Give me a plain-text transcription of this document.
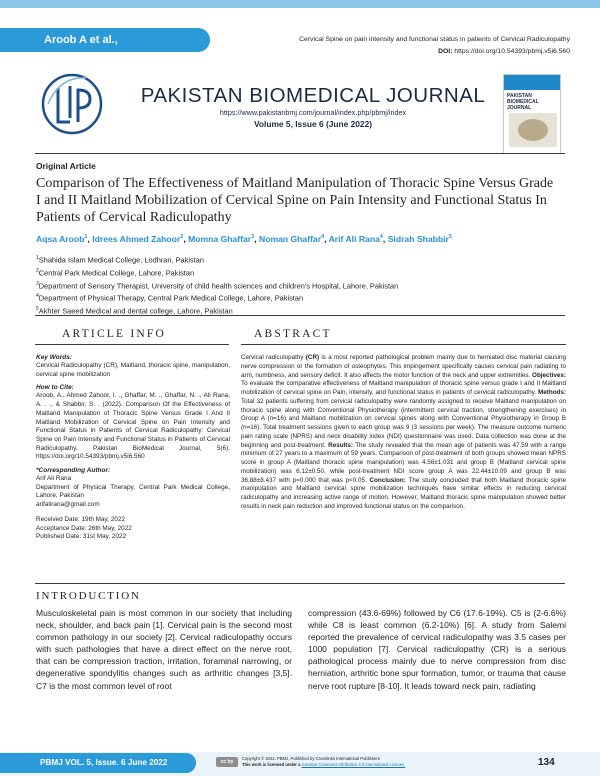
Aroob A et al.,	Cervical Spine on pain intensity and functional status in patients of Cervical Radiculopathy
DOI: https://doi.org/10.54393/pbmj.v5i6.560
PAKISTAN BIOMEDICAL JOURNAL
https://www.pakistanbmj.com/journal/index.php/pbmj/index
Volume 5, Issue 6 (June 2022)
PAKISTAN BIOMEDICAL JOURNAL
Original Article
Comparison of The Effectiveness of Maitland Manipulation of Thoracic Spine Versus Grade I and II Maitland Mobilization of Cervical Spine on Pain Intensity and Functional Status In Patients of Cervical Radiculopathy
Aqsa Aroob$^1$, Idrees Ahmed Zahoor$^2$, Momna Ghaffar$^3$, Noman Ghaffar$^4$, Arif Ali Rana$^4$, Sidrah Shabbir$^5$
$^1$Shahida Islam Medical College, Lodhran, Pakistan
$^2$Central Park Medical College, Lahore, Pakistan
$^3$Department of Sensory Therapist, University of child health sciences and children's Hospital, Lahore, Pakistan
$^4$Department of Physical Therapy, Central Park Medical College, Lahore, Pakistan
$^5$Akhter Saeed Medical and dental college, Lahore, Pakistan
ARTICLE INFO	ABSTRACT
Key Words:
Cervical Radiculopathy (CR), Maitland, thoracic spine, manipulation, cervical spine mobilization
How to Cite:
Aroob, A., Ahmed Zahoor, I. ., Ghaffar, M. ., Ghaffar, N. ., Ali Rana, A. . ., & Shabbir, S. . (2022). Comparison Of the Effectiveness of Maitland Manipulation of Thoracic Spine Versus Grade I And II Maitland Mobilization of Cervical Spine on Pain Intensity and Functional Status in Patients of Cervical Radiculopathy: Cervical Spine on Pain Intensity and Functional Status in Patients of Cervical Radiculopathy. Pakistan BioMedical Journal, 5(6). https://doi.org/10.54393/pbmj.v5i6.560
*Corresponding Author:
Arif Ali Rana
Department of Physical Therapy, Central Park Medical College, Lahore, Pakistan
arifalirana@gmail.com
Received Date: 19th May, 2022
Acceptance Date: 26th May, 2022
Published Date: 31st May, 2022
Cervical radiculopathy (CR) is a most reported pathological problem mainly due to herniated disc material causing nerve compression or the formation of osteophytes. This impingement specifically causes cervical pain radiating to arm, numbness, and sensory deficit. It also affects the motor function of the neck and upper extremities. Objectives: To evaluate the comparative effectiveness of Maitland manipulation of thoracic spine versus grade I and II Maitland mobilization of cervical spine on Pain, intensity, and functional status in patients of cervical radiculopathy. Methods: Total 32 patients suffering from cervical radiculopathy were randomly assigned to receive Maitland manipulation on thoracic spine along with Conventional Physiotherapy (intermittent cervical traction, strengthening exercises) in Group A (n=16) and Maitland mobilization on cervical spines along with Conventional Physiotherapy in Group B (n=16). Total treatment sessions given to each group was 9 (3 sessions per week). The measure outcome numeric pain rating scale (NPRS) and neck disability index (NDI) questionnaire was used. Data collection was done at the beginning and post-treatment. Results: The study revealed that the mean age of patients was 47.59 with a range minimum of 27 years to a maximum of 59 years. Comparison of post-treatment of both groups showed mean NPRS score in group A (Maitland thoracic spine manipulation) was 4.56±1.031 and group B (Maitland cervical spine mobilization) was 6.12±0.50, while post-treatment NDI score group A was 22.44±10.09 and group B was 36.88±8.437 with p=0.000 that was p<0.05. Conclusion: The study concluded that both Maitland thoracic spine manipulation and Maitland cervical spine mobilization techniques have similar effects in reducing cervical radiculopathy and increasing active range of motion. However, Maitland thoracic spine manipulation showed better results in neck pain reduction and improved functional status on the comparison.
INTRODUCTION
Musculoskeletal pain is most common in our society that including neck, shoulder, and back pain [1]. Cervical pain is the second most common pathology in our society [2]. Cervical radiculopathy occurs with such pathologies that have a direct effect on the nerve root, that can be compression traction, irritation, foraminal narrowing, or degenerative spondylitis changes such as arthritic changes [3,5]. C7 is the most common level of root
compression (43.6-69%) followed by C6 (17.6-19%). C5 is (2-6.6%) while C8 is least common (6.2-10%) [6]. A study from Salemi reported the prevalence of cervical radiculopathy was 3.5 cases per 1000 population [7]. Cervical radiculopathy (CR) is a serious pathological process mainly due to nerve compression from disc herniation, arthritic bone spur formation, tumor, or trauma that cause nerve root rupture [8-10]. It leads toward neck pain, radiating
PBMJ VOL. 5, Issue. 6 June 2022	cc by
Copyright © 2022. PBMJ, Published by Crosslinks International Publishers
This work is licensed under a Creative Commons Attribution 4.0 International License.	134
